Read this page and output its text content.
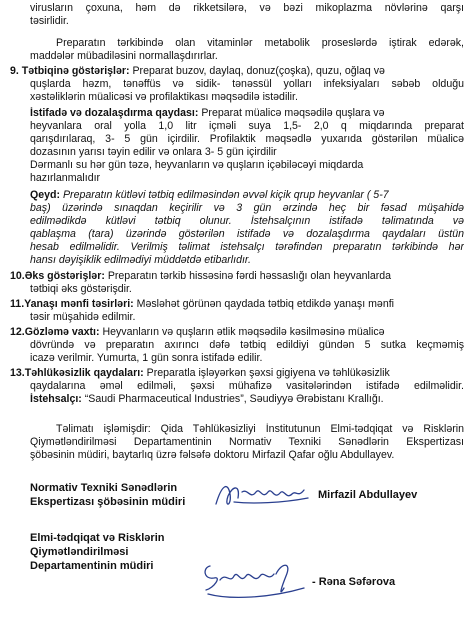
virusların çoxuna, həm də rikketsilərə, və bəzi mikoplazma növlərinə qarşı
təsirlidir.
Preparatın tərkibində olan vitaminlər metabolik proseslərdə iştirak edərək,
maddələr mübadiləsini normallaşdırırlar.
9. Tətbiqinə göstərişlər: Preparat buzov, daylaq, donuz(çoşka), quzu, oğlaq və
quşlarda həzm, tənəffüs və sidik- tənəssül yolları infeksiyaları səbəb olduğu
xəstəliklərin müalicəsi və profilaktikası məqsədilə istədilir.
İstifadə və dozalaşdırma qaydası: Preparat müalicə məqsədilə quşlara və
heyvanlara oral yolla 1,0 litr içməli suya 1,5- 2,0 q miqdarında preparat
qarışdırılaraq, 3- 5 gün içirdilir. Profilaktik məqsədlə yuxarıda göstərilən müalicə
dozasının yarısı təyin edilir və onlara 3- 5 gün içirdilir
Dərmanlı su hər gün təzə, heyvanların və quşların içəbiləcəyi miqdarda
hazırlanmalıdır
Qeyd: Preparatın kütləvi tətbiq edilməsindən əvvəl kiçik qrup heyvanlar ( 5-7
baş) üzərində sınaqdan keçirilir və 3 gün ərzində heç bir fəsad müşahidə
edilmədikdə kütləvi tətbiq olunur. İstehsalçının istifadə təlimatında və
qablaşma (tara) üzərində göstərilən istifadə və dozalaşdırma qaydaları üstün
hesab edilməlidir. Verilmiş təlimat istehsalçı tərəfindən preparatın tərkibində hər
hansı dəyişiklik edilmədiyi müddətdə etibarlıdır.
10.Əks göstərişlər: Preparatın tərkib hissəsinə fərdi həssaslığı olan heyvanlarda
tətbiqi əks göstərişdir.
11.Yanaşı mənfi təsirləri: Məsləhət görünən qaydada tətbiq etdikdə yanaşı mənfi
təsir müşahidə edilmir.
12.Gözləmə vaxtı: Heyvanların və quşların ətlik məqsədilə kəsilməsinə müalicə
dövründə və preparatın axırıncı dəfə tətbiq edildiyi gündən 5 sutka keçməmiş
icazə verilmir. Yumurta, 1 gün sonra istifadə edilir.
13.Təhlükəsizlik qaydaları: Preparatla işləyərkən şəxsi gigiyena və təhlükəsizlik
qaydalarına əməl edilməli, şəxsi mühafizə vasitələrindən istifadə edilməlidir.
İstehsalçı: “Saudi Pharmaceutical Industries”, Səudiyyə Ərəbistanı Krallığı.
Təlimatı işləmişdir: Qida Təhlükəsizliyi İnstitutunun Elmi-tədqiqat və Risklərin
Qiymətləndirilməsi Departamentinin Normativ Texniki Sənədlərin Ekspertizası
şöbəsinin müdiri, baytarlıq üzrə fəlsəfə doktoru Mirfazil Qafar oğlu Abdullayev.
Normativ Texniki Sənədlərin
Ekspertizası şöbəsinin müdiri
Mirfazil Abdullayev
Elmi-tədqiqat və Risklərin
Qiymətləndirilməsi
Departamentinin müdiri
- Rəna Səfərova
